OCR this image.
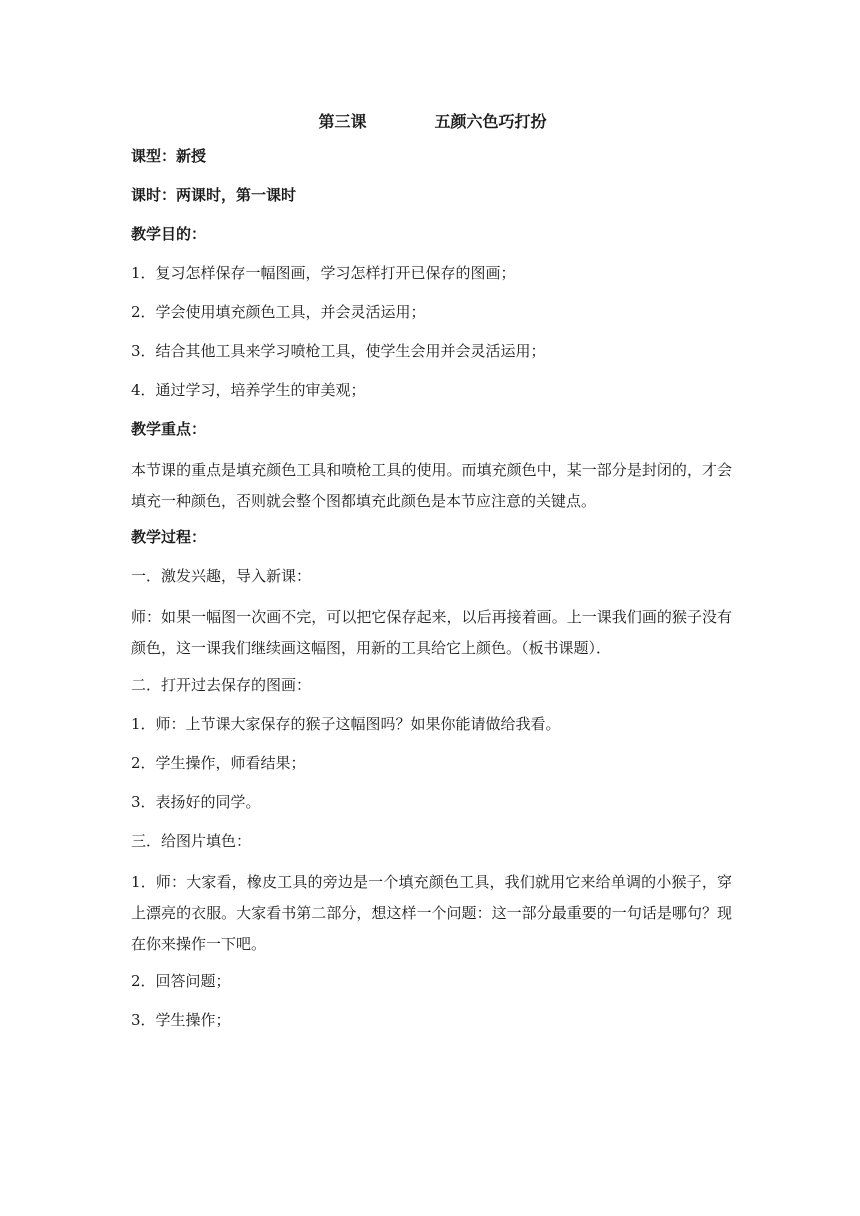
第三课	五颜六色巧打扮
课型：新授
课时：两课时，第一课时
教学目的：
1．复习怎样保存一幅图画，学习怎样打开已保存的图画；
2．学会使用填充颜色工具，并会灵活运用；
3．结合其他工具来学习喷枪工具，使学生会用并会灵活运用；
4．通过学习，培养学生的审美观；
教学重点：
本节课的重点是填充颜色工具和喷枪工具的使用。而填充颜色中，某一部分是封闭的，才会填充一种颜色，否则就会整个图都填充此颜色是本节应注意的关键点。
教学过程：
一．激发兴趣，导入新课：
师：如果一幅图一次画不完，可以把它保存起来，以后再接着画。上一课我们画的猴子没有颜色，这一课我们继续画这幅图，用新的工具给它上颜色。（板书课题）．
二．打开过去保存的图画：
1．师：上节课大家保存的猴子这幅图吗？如果你能请做给我看。
2．学生操作，师看结果；
3．表扬好的同学。
三．给图片填色：
1．师：大家看，橡皮工具的旁边是一个填充颜色工具，我们就用它来给单调的小猴子，穿上漂亮的衣服。大家看书第二部分，想这样一个问题：这一部分最重要的一句话是哪句？现在你来操作一下吧。
2．回答问题；
3．学生操作；
